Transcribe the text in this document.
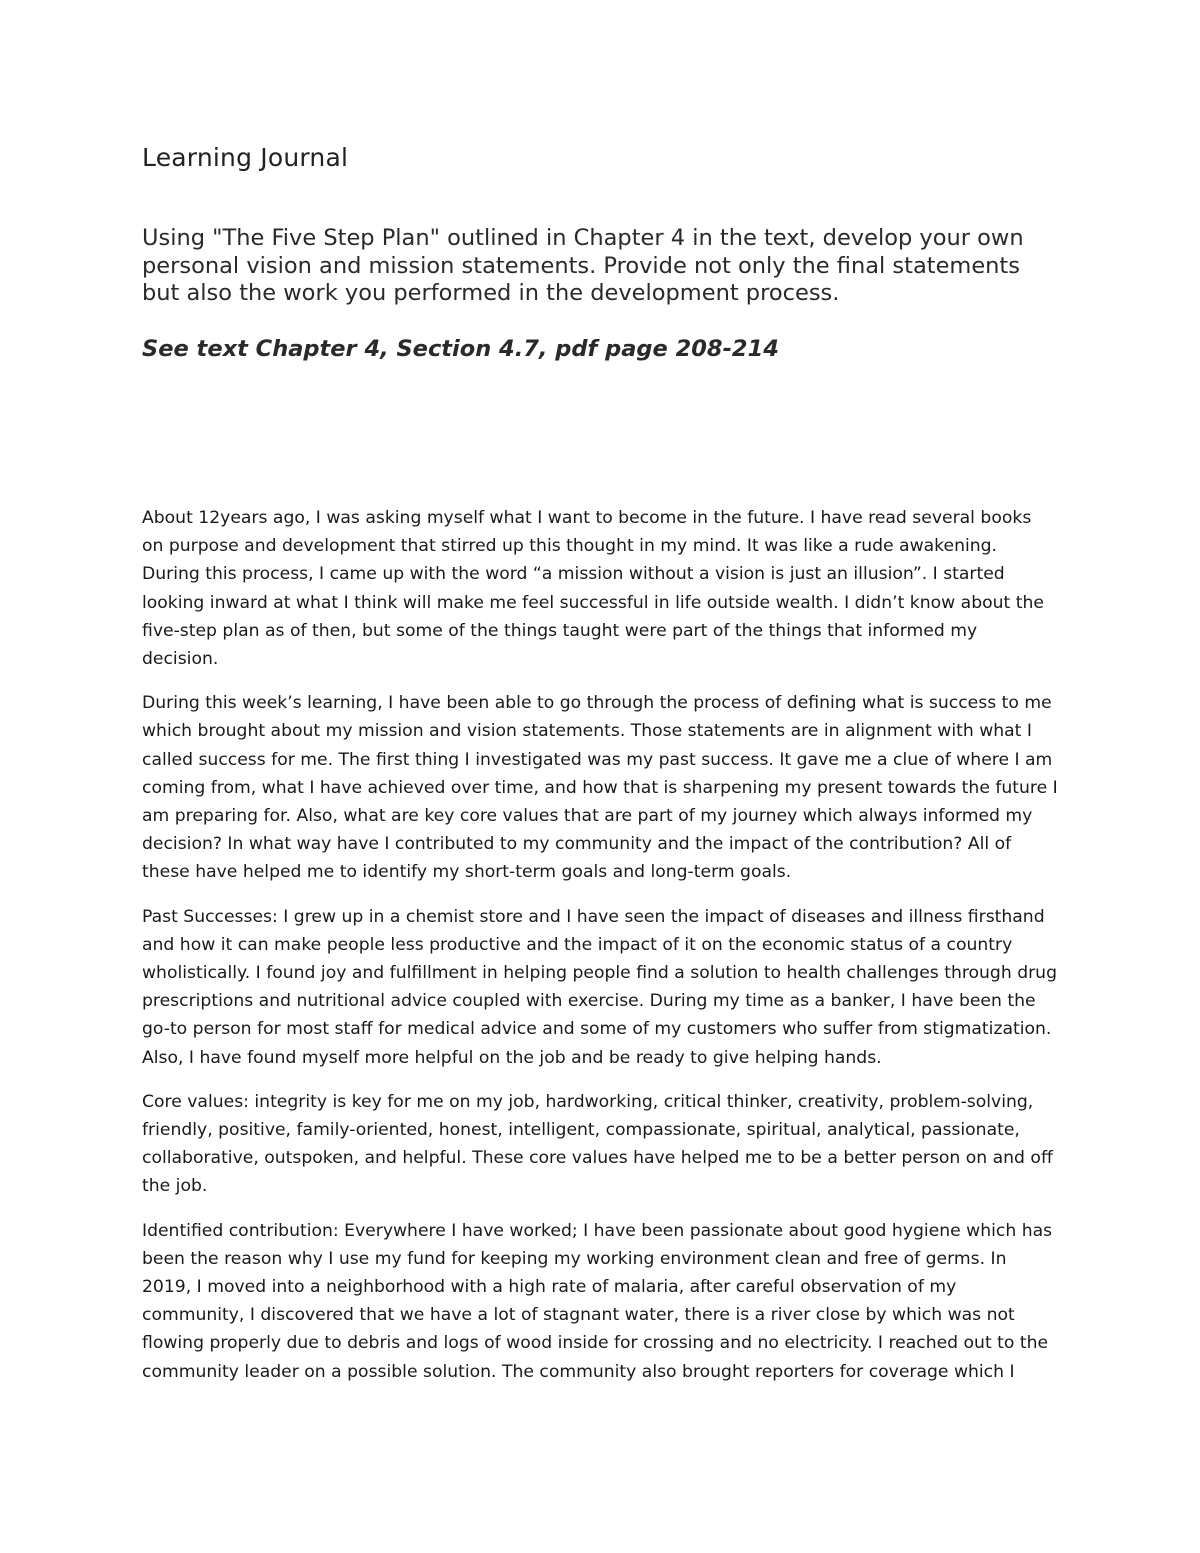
Learning Journal

Using "The Five Step Plan" outlined in Chapter 4 in the text, develop your own personal vision and mission statements. Provide not only the final statements but also the work you performed in the development process.

See text Chapter 4, Section 4.7, pdf page 208-214

About 12years ago, I was asking myself what I want to become in the future. I have read several books on purpose and development that stirred up this thought in my mind. It was like a rude awakening. During this process, I came up with the word “a mission without a vision is just an illusion”. I started looking inward at what I think will make me feel successful in life outside wealth. I didn’t know about the five-step plan as of then, but some of the things taught were part of the things that informed my decision.

During this week’s learning, I have been able to go through the process of defining what is success to me which brought about my mission and vision statements. Those statements are in alignment with what I called success for me. The first thing I investigated was my past success. It gave me a clue of where I am coming from, what I have achieved over time, and how that is sharpening my present towards the future I am preparing for. Also, what are key core values that are part of my journey which always informed my decision? In what way have I contributed to my community and the impact of the contribution? All of these have helped me to identify my short-term goals and long-term goals.

Past Successes: I grew up in a chemist store and I have seen the impact of diseases and illness firsthand and how it can make people less productive and the impact of it on the economic status of a country wholistically. I found joy and fulfillment in helping people find a solution to health challenges through drug prescriptions and nutritional advice coupled with exercise. During my time as a banker, I have been the go-to person for most staff for medical advice and some of my customers who suffer from stigmatization. Also, I have found myself more helpful on the job and be ready to give helping hands.

Core values: integrity is key for me on my job, hardworking, critical thinker, creativity, problem-solving, friendly, positive, family-oriented, honest, intelligent, compassionate, spiritual, analytical, passionate, collaborative, outspoken, and helpful. These core values have helped me to be a better person on and off the job.

Identified contribution: Everywhere I have worked; I have been passionate about good hygiene which has been the reason why I use my fund for keeping my working environment clean and free of germs. In 2019, I moved into a neighborhood with a high rate of malaria, after careful observation of my community, I discovered that we have a lot of stagnant water, there is a river close by which was not flowing properly due to debris and logs of wood inside for crossing and no electricity. I reached out to the community leader on a possible solution. The community also brought reporters for coverage which I
